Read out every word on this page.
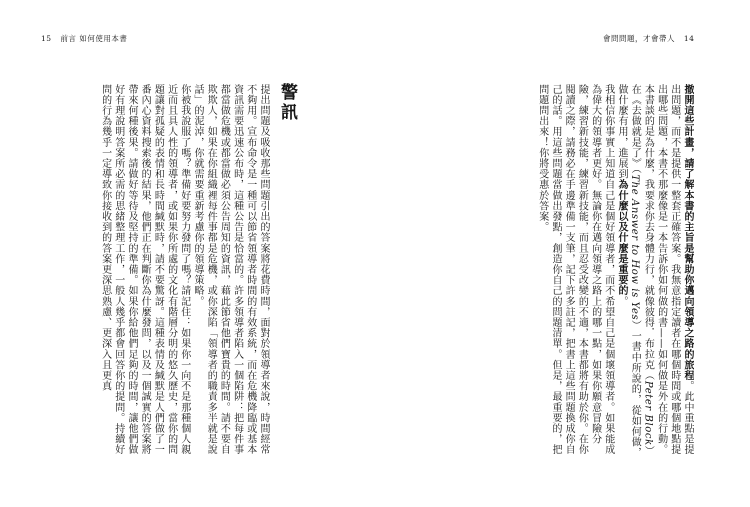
15 前言 如何使用本書	會問問題，才會帶人 14

撤開這些計畫，請了解本書的主旨是幫助你邁向領導之路的旅程。此中重點是提出問題，而不是提供一整套正確答案。我無意指定讀者在哪個時間或哪個地點提出哪些問題，本書不那麼像是一本告訴你如何做的書——如何做是外在的行動。本書談的是為什麼，我要求你去身體力行，就像彼得．布拉克（Peter Block）在《去做就是了》（The Answer to How is Yes）一書中所說的，從如何做，做什麼有用，進展到為什麼以及什麼是重要的。

我相信你事實上知道自己是個好領導者，而不希望自己是個壞領導者。如果能成為偉大的領導者更好。無論你在邁向領導之路上的哪一點，如果你願意冒險分險，練習新技能，練習新技能，而且忍受改變的不適，本書都將有助於你。在你閱讀之際，請務必在手邊準備一支筆，記下許多註記，把書上這些問題換成你自己的話。用這些問題當做出發點，創造你自己的問題清單。但是，最重要的，把問題問出來！你將受惠於答案。

警訊

提出問題及吸收那些問題引出的答案將花費時間，面對於領導者來說，時間經常不夠用。宣布命令是一種可以節省領導者時間的有效系統，而在危機降臨或基本資訊需要迅速公布時，這種公告是恰當的。許多領導者陷入一個陷阱：把每件事都當做危機或都當做必須公告周知的資訊，藉此節省他們寶貴的時間。請不要自欺欺人，如果在你組織裡每件事都是危機，或你深陷「領導者的職責多半就是說話」的泥淖，你就需要重新考慮你的領導策略。

你被我說服了嗎？準備好要努力發問了嗎？請記住：如果你一向不是那種個人親近而且具人性的領導者，或如果你所處的文化有階層分明的悠久歷史，當你的問題讓對孤疑的表情和長時間緘默時，請不要驚訝。這種表情及緘默是人們做了一番內心資料搜索後的結果，他們正在判斷你為什麼發問，以及一個誠實的答案將帶來何種後果。請做好等待及堅持的準備。如果你給他們足夠的時間，讓他們做好有理說明答案所必需的思緒整理工作，一般人幾乎都會回答你的提問。持續好問的行為幾乎一定導致你接收到的答案更深思熟慮、更深入且更真
